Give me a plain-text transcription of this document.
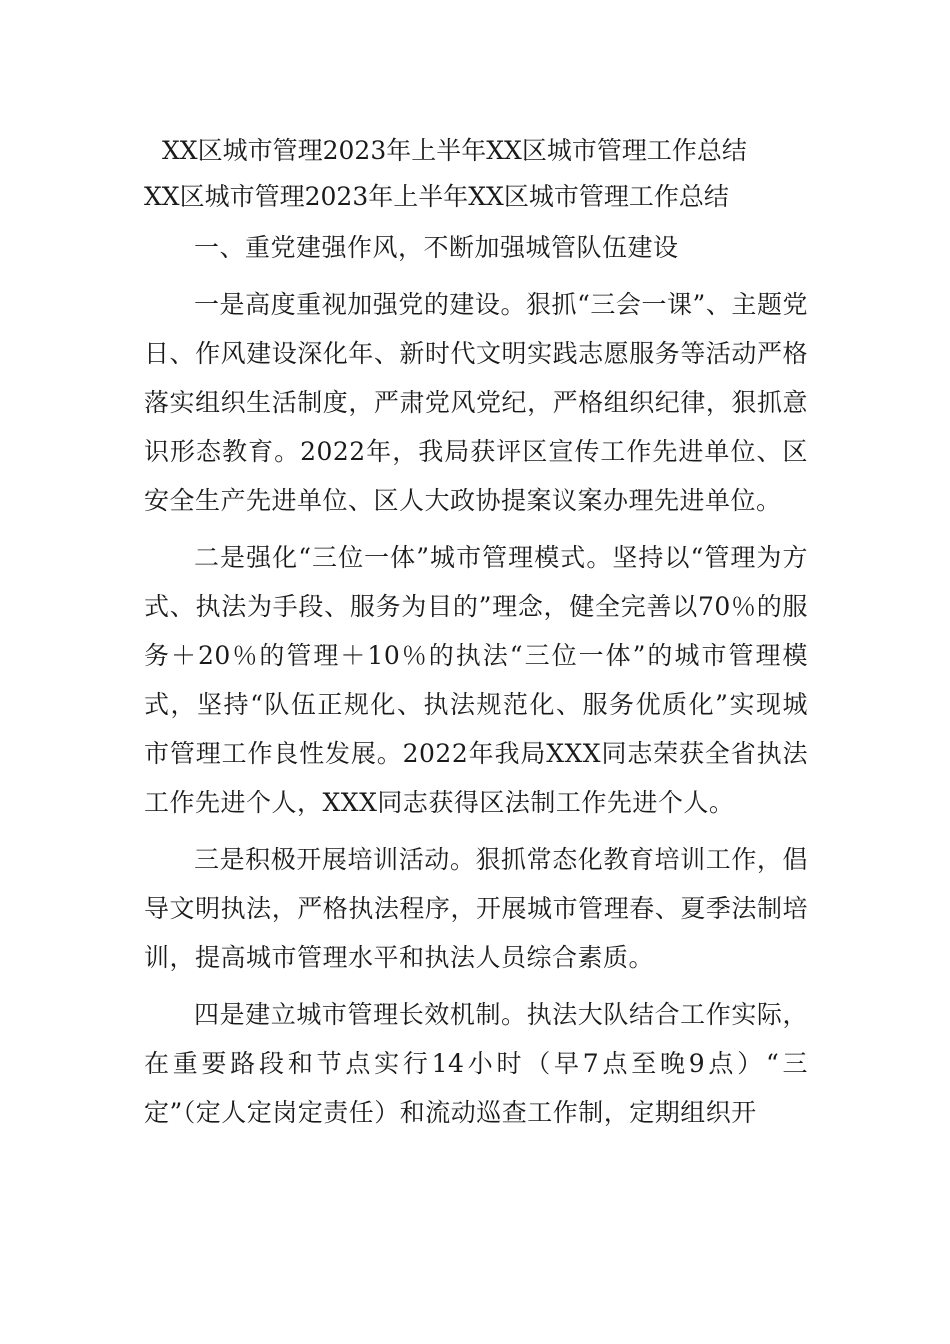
XX区城市管理2023年上半年XX区城市管理工作总结

XX区城市管理2023年上半年XX区城市管理工作总结

一、重党建强作风，不断加强城管队伍建设

一是高度重视加强党的建设。狠抓“三会一课”、主题党日、作风建设深化年、新时代文明实践志愿服务等活动严格落实组织生活制度，严肃党风党纪，严格组织纪律，狠抓意识形态教育。2022年，我局获评区宣传工作先进单位、区安全生产先进单位、区人大政协提案议案办理先进单位。

二是强化“三位一体”城市管理模式。坚持以“管理为方式、执法为手段、服务为目的”理念，健全完善以70％的服务＋20％的管理＋10％的执法“三位一体”的城市管理模式，坚持“队伍正规化、执法规范化、服务优质化”实现城市管理工作良性发展。2022年我局XXX同志荣获全省执法工作先进个人，XXX同志获得区法制工作先进个人。

三是积极开展培训活动。狠抓常态化教育培训工作，倡导文明执法，严格执法程序，开展城市管理春、夏季法制培训，提高城市管理水平和执法人员综合素质。

四是建立城市管理长效机制。执法大队结合工作实际，在重要路段和节点实行14小时（早7点至晚9点）“三定”（定人定岗定责任）和流动巡查工作制，定期组织开
